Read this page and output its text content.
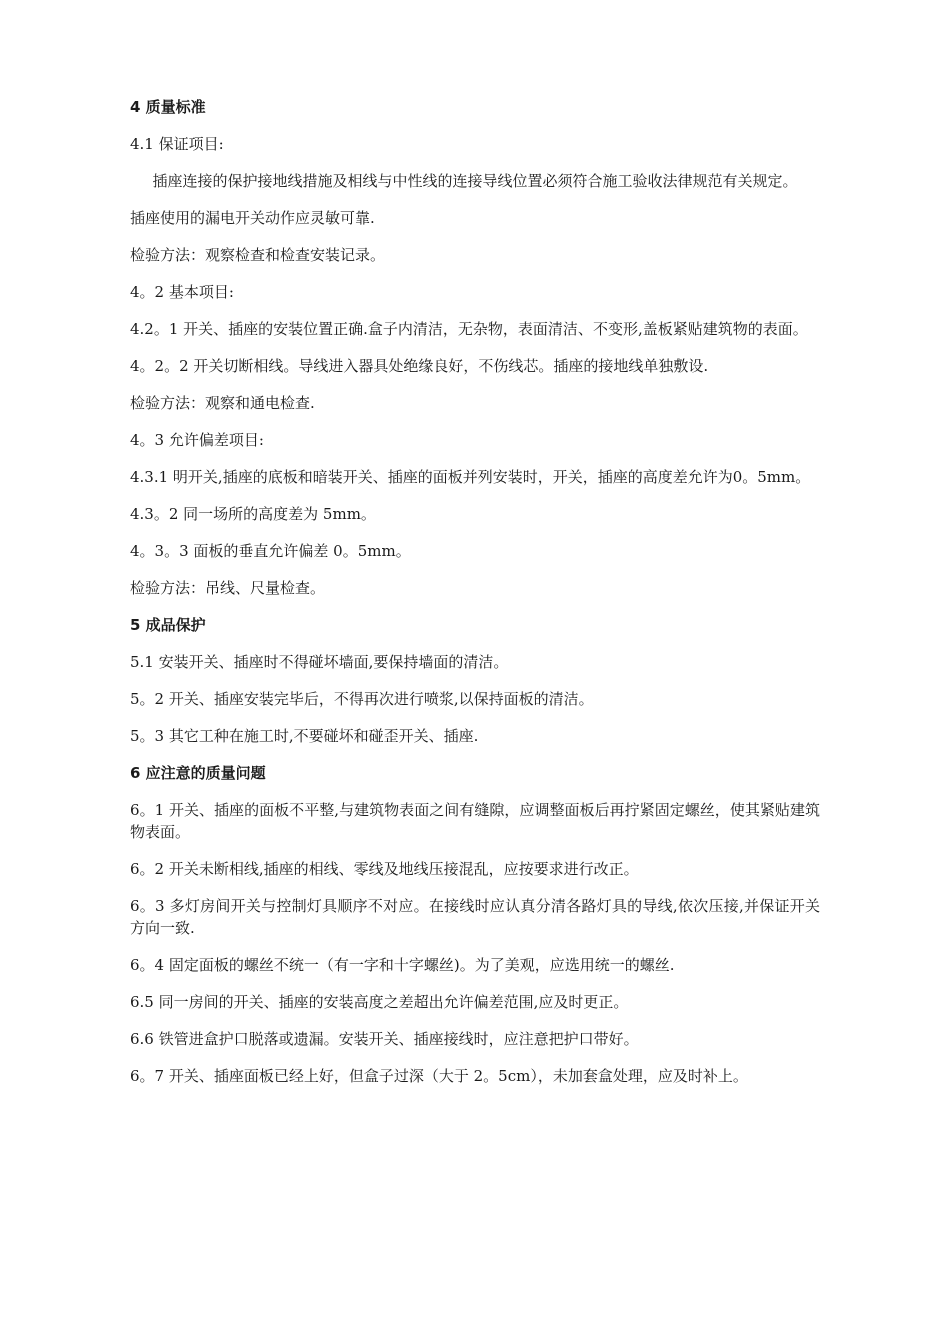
4 质量标准
4.1 保证项目:
插座连接的保护接地线措施及相线与中性线的连接导线位置必须符合施工验收法律规范有关规定。
插座使用的漏电开关动作应灵敏可靠.
检验方法：观察检查和检查安装记录。
4。2 基本项目:
4.2。1 开关、插座的安装位置正确.盒子内清洁，无杂物，表面清洁、不变形,盖板紧贴建筑物的表面。
4。2。2 开关切断相线。导线进入器具处绝缘良好，不伤线芯。插座的接地线单独敷设.
检验方法：观察和通电检查.
4。3 允许偏差项目:
4.3.1 明开关,插座的底板和暗装开关、插座的面板并列安装时，开关，插座的高度差允许为0。5mm。
4.3。2 同一场所的高度差为 5mm。
4。3。3 面板的垂直允许偏差 0。5mm。
检验方法：吊线、尺量检查。
5 成品保护
5.1 安装开关、插座时不得碰坏墙面,要保持墙面的清洁。
5。2 开关、插座安装完毕后，不得再次进行喷浆,以保持面板的清洁。
5。3 其它工种在施工时,不要碰坏和碰歪开关、插座.
6 应注意的质量问题
6。1 开关、插座的面板不平整,与建筑物表面之间有缝隙，应调整面板后再拧紧固定螺丝，使其紧贴建筑物表面。
6。2 开关未断相线,插座的相线、零线及地线压接混乱，应按要求进行改正。
6。3 多灯房间开关与控制灯具顺序不对应。在接线时应认真分清各路灯具的导线,依次压接,并保证开关方向一致.
6。4 固定面板的螺丝不统一（有一字和十字螺丝)。为了美观，应选用统一的螺丝.
6.5 同一房间的开关、插座的安装高度之差超出允许偏差范围,应及时更正。
6.6 铁管进盒护口脱落或遗漏。安装开关、插座接线时，应注意把护口带好。
6。7 开关、插座面板已经上好，但盒子过深（大于 2。5cm），未加套盒处理，应及时补上。
